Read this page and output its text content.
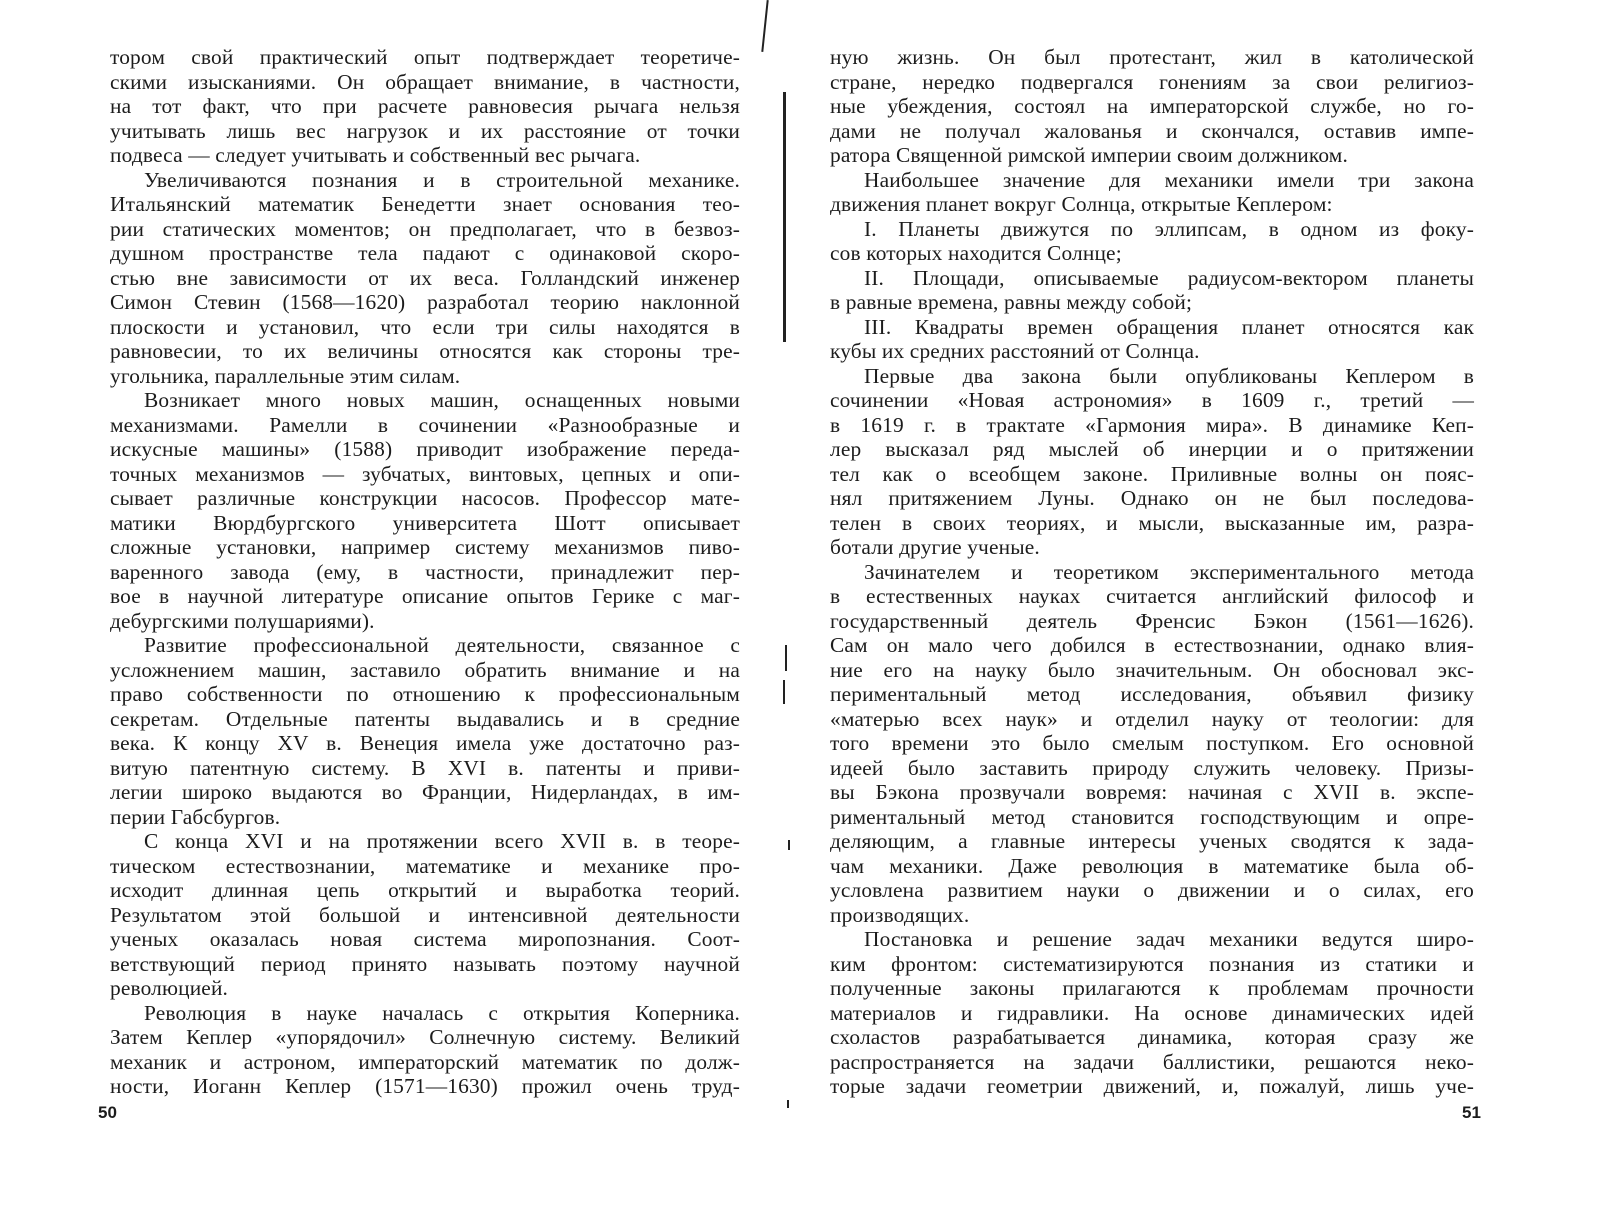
тором свой практический опыт подтверждает теоретиче-
скими изысканиями. Он обращает внимание, в частности,
на тот факт, что при расчете равновесия рычага нельзя
учитывать лишь вес нагрузок и их расстояние от точки
подвеса — следует учитывать и собственный вес рычага.
Увеличиваются познания и в строительной механике.
Итальянский математик Бенедетти знает основания тео-
рии статических моментов; он предполагает, что в безвоз-
душном пространстве тела падают с одинаковой скоро-
стью вне зависимости от их веса. Голландский инженер
Симон Стевин (1568—1620) разработал теорию наклонной
плоскости и установил, что если три силы находятся в
равновесии, то их величины относятся как стороны тре-
угольника, параллельные этим силам.
Возникает много новых машин, оснащенных новыми
механизмами. Рамелли в сочинении «Разнообразные и
искусные машины» (1588) приводит изображение переда-
точных механизмов — зубчатых, винтовых, цепных и опи-
сывает различные конструкции насосов. Профессор мате-
матики Вюрдбургского университета Шотт описывает
сложные установки, например систему механизмов пиво-
варенного завода (ему, в частности, принадлежит пер-
вое в научной литературе описание опытов Герике с маг-
дебургскими полушариями).
Развитие профессиональной деятельности, связанное с
усложнением машин, заставило обратить внимание и на
право собственности по отношению к профессиональным
секретам. Отдельные патенты выдавались и в средние
века. К концу XV в. Венеция имела уже достаточно раз-
витую патентную систему. В XVI в. патенты и приви-
легии широко выдаются во Франции, Нидерландах, в им-
перии Габсбургов.
С конца XVI и на протяжении всего XVII в. в теоре-
тическом естествознании, математике и механике про-
исходит длинная цепь открытий и выработка теорий.
Результатом этой большой и интенсивной деятельности
ученых оказалась новая система миропознания. Соот-
ветствующий период принято называть поэтому научной
революцией.
Революция в науке началась с открытия Коперника.
Затем Кеплер «упорядочил» Солнечную систему. Великий
механик и астроном, императорский математик по долж-
ности, Иоганн Кеплер (1571—1630) прожил очень труд-
50
ную жизнь. Он был протестант, жил в католической
стране, нередко подвергался гонениям за свои религиоз-
ные убеждения, состоял на императорской службе, но го-
дами не получал жалованья и скончался, оставив импе-
ратора Священной римской империи своим должником.
Наибольшее значение для механики имели три закона
движения планет вокруг Солнца, открытые Кеплером:
I. Планеты движутся по эллипсам, в одном из фоку-
сов которых находится Солнце;
II. Площади, описываемые радиусом-вектором планеты
в равные времена, равны между собой;
III. Квадраты времен обращения планет относятся как
кубы их средних расстояний от Солнца.
Первые два закона были опубликованы Кеплером в
сочинении «Новая астрономия» в 1609 г., третий —
в 1619 г. в трактате «Гармония мира». В динамике Кеп-
лер высказал ряд мыслей об инерции и о притяжении
тел как о всеобщем законе. Приливные волны он пояс-
нял притяжением Луны. Однако он не был последова-
телен в своих теориях, и мысли, высказанные им, разра-
ботали другие ученые.
Зачинателем и теоретиком экспериментального метода
в естественных науках считается английский философ и
государственный деятель Френсис Бэкон (1561—1626).
Сам он мало чего добился в естествознании, однако влия-
ние его на науку было значительным. Он обосновал экс-
периментальный метод исследования, объявил физику
«матерью всех наук» и отделил науку от теологии: для
того времени это было смелым поступком. Его основной
идеей было заставить природу служить человеку. Призы-
вы Бэкона прозвучали вовремя: начиная с XVII в. экспе-
риментальный метод становится господствующим и опре-
деляющим, а главные интересы ученых сводятся к зада-
чам механики. Даже революция в математике была об-
условлена развитием науки о движении и о силах, его
производящих.
Постановка и решение задач механики ведутся широ-
ким фронтом: систематизируются познания из статики и
полученные законы прилагаются к проблемам прочности
материалов и гидравлики. На основе динамических идей
схоластов разрабатывается динамика, которая сразу же
распространяется на задачи баллистики, решаются неко-
торые задачи геометрии движений, и, пожалуй, лишь уче-
51
